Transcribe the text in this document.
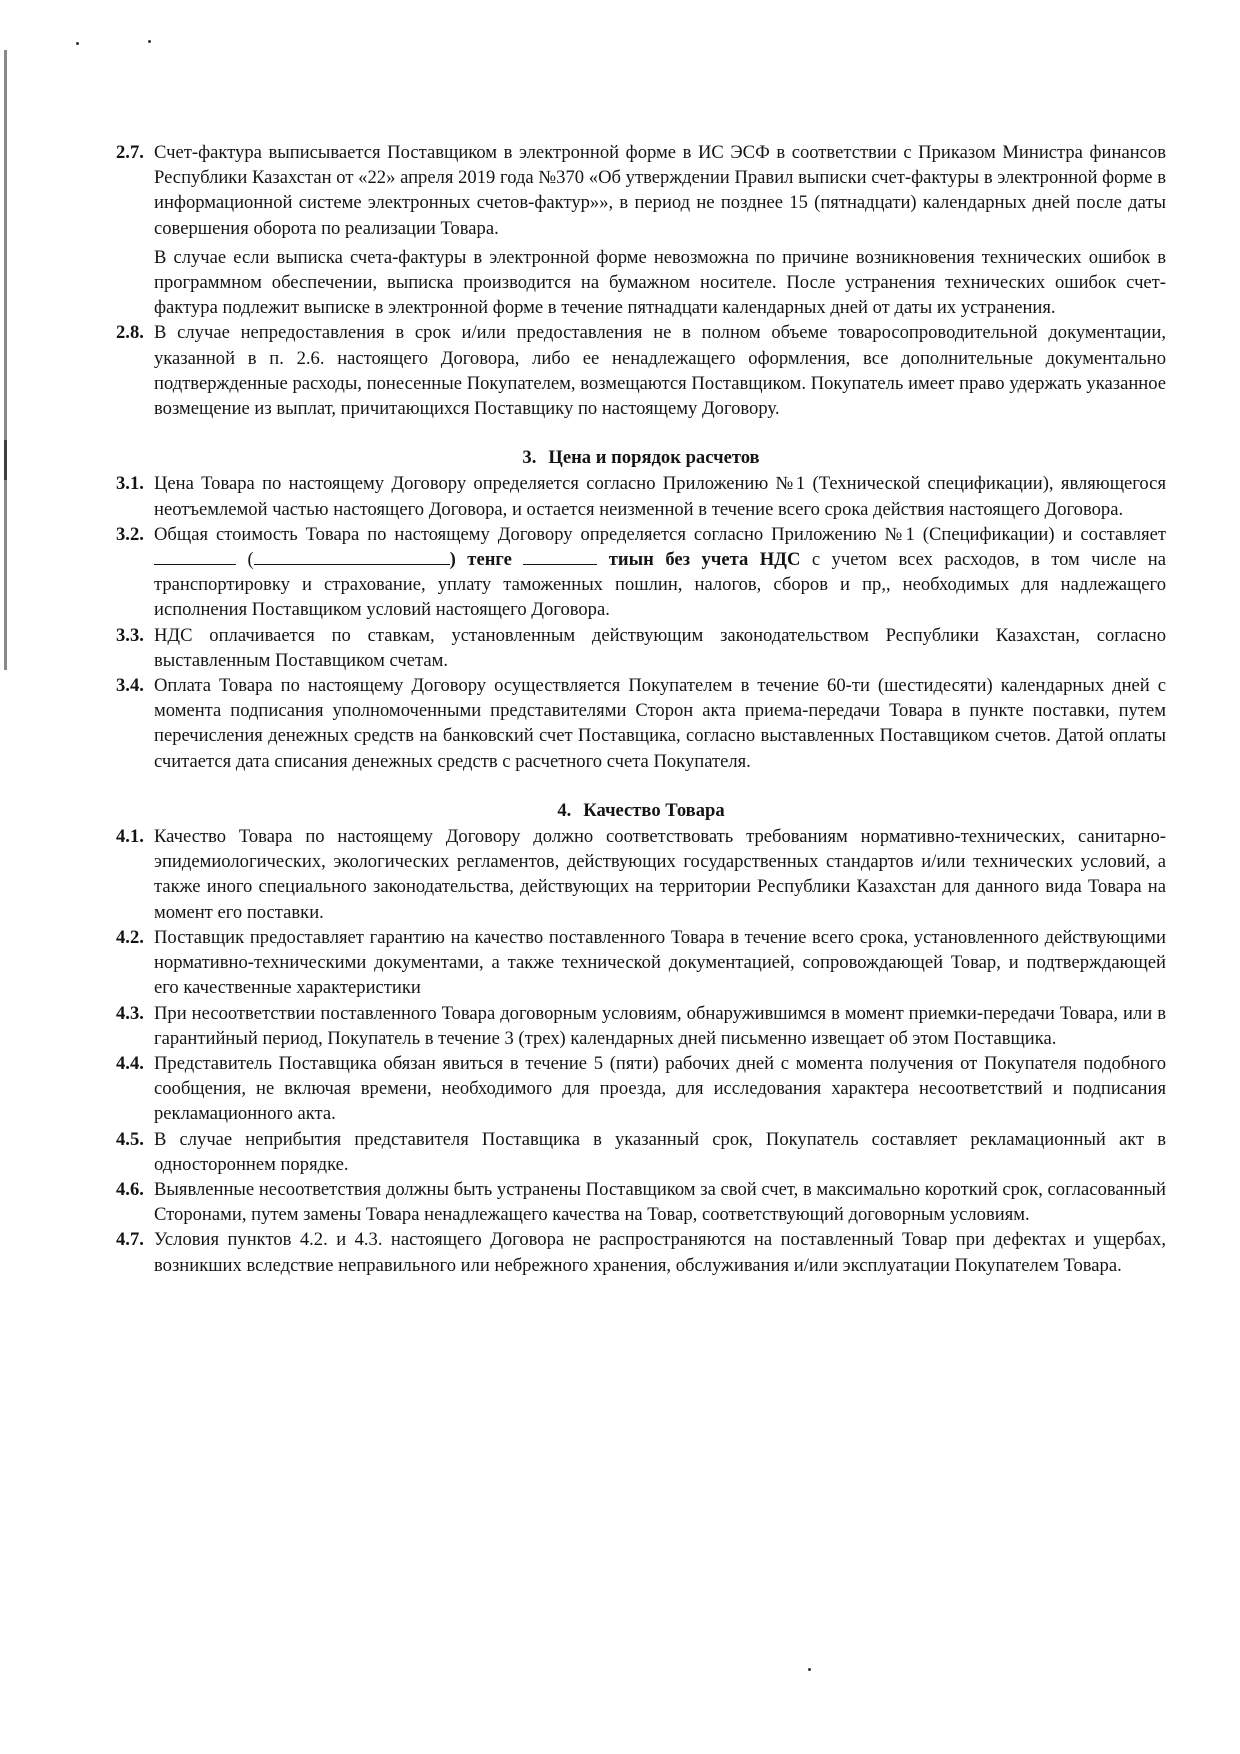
2.7. Счет-фактура выписывается Поставщиком в электронной форме в ИС ЭСФ в соответствии с Приказом Министра финансов Республики Казахстан от «22» апреля 2019 года №370 «Об утверждении Правил выписки счет-фактуры в электронной форме в информационной системе электронных счетов-фактур»», в период не позднее 15 (пятнадцати) календарных дней после даты совершения оборота по реализации Товара.

В случае если выписка счета-фактуры в электронной форме невозможна по причине возникновения технических ошибок в программном обеспечении, выписка производится на бумажном носителе. После устранения технических ошибок счет-фактура подлежит выписке в электронной форме в течение пятнадцати календарных дней от даты их устранения.

2.8. В случае непредоставления в срок и/или предоставления не в полном объеме товаросопроводительной документации, указанной в п. 2.6. настоящего Договора, либо ее ненадлежащего оформления, все дополнительные документально подтвержденные расходы, понесенные Покупателем, возмещаются Поставщиком. Покупатель имеет право удержать указанное возмещение из выплат, причитающихся Поставщику по настоящему Договору.

3. Цена и порядок расчетов
3.1. Цена Товара по настоящему Договору определяется согласно Приложению №1 (Технической спецификации), являющегося неотъемлемой частью настоящего Договора, и остается неизменной в течение всего срока действия настоящего Договора.

3.2. Общая стоимость Товара по настоящему Договору определяется согласно Приложению №1 (Спецификации) и составляет  (	) тенге	тиын без учета НДС с учетом всех расходов, в том числе на транспортировку и страхование, уплату таможенных пошлин, налогов, сборов и пр,, необходимых для надлежащего исполнения Поставщиком условий настоящего Договора.

3.3. НДС оплачивается по ставкам, установленным действующим законодательством Республики Казахстан, согласно выставленным Поставщиком счетам.

3.4. Оплата Товара по настоящему Договору осуществляется Покупателем в течение 60-ти (шестидесяти) календарных дней с момента подписания уполномоченными представителями Сторон акта приема-передачи Товара в пункте поставки, путем перечисления денежных средств на банковский счет Поставщика, согласно выставленных Поставщиком счетов. Датой оплаты считается дата списания денежных средств с расчетного счета Покупателя.

4. Качество Товара
4.1. Качество Товара по настоящему Договору должно соответствовать требованиям нормативно-технических, санитарно-эпидемиологических, экологических регламентов, действующих государственных стандартов и/или технических условий, а также иного специального законодательства, действующих на территории Республики Казахстан для данного вида Товара на момент его поставки.

4.2. Поставщик предоставляет гарантию на качество поставленного Товара в течение всего срока, установленного действующими нормативно-техническими документами, а также технической документацией, сопровождающей Товар, и подтверждающей его качественные характеристики

4.3. При несоответствии поставленного Товара договорным условиям, обнаружившимся в момент приемки-передачи Товара, или в гарантийный период, Покупатель в течение 3 (трех) календарных дней письменно извещает об этом Поставщика.

4.4. Представитель Поставщика обязан явиться в течение 5 (пяти) рабочих дней с момента получения от Покупателя подобного сообщения, не включая времени, необходимого для проезда, для исследования характера несоответствий и подписания рекламационного акта.

4.5. В случае неприбытия представителя Поставщика в указанный срок, Покупатель составляет рекламационный акт в одностороннем порядке.

4.6. Выявленные несоответствия должны быть устранены Поставщиком за свой счет, в максимально короткий срок, согласованный Сторонами, путем замены Товара ненадлежащего качества на Товар, соответствующий договорным условиям.

4.7. Условия пунктов 4.2. и 4.3. настоящего Договора не распространяются на поставленный Товар при дефектах и ущербах, возникших вследствие неправильного или небрежного хранения, обслуживания и/или эксплуатации Покупателем Товара.
